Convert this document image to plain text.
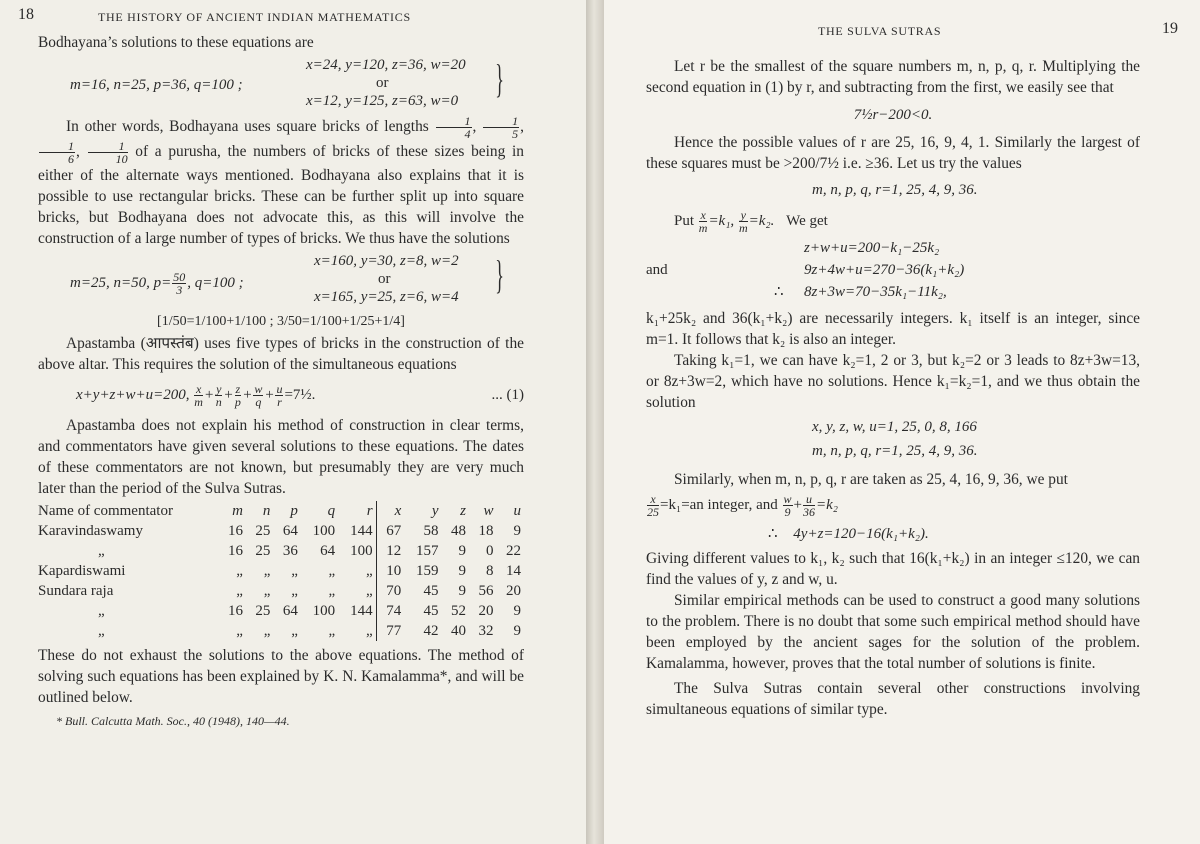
18	THE HISTORY OF ANCIENT INDIAN MATHEMATICS

Bodhayana’s solutions to these equations are

m=16, n=25, p=36, q=100 ;
x=24, y=120, z=36, w=20
or
x=12, y=125, z=63, w=0 }

In other words, Bodhayana uses square bricks of lengths $\frac{1}{4}$ , $\frac{1}{5}$ ,
$\frac{1}{6}$ , $\frac{1}{10}$ of a purusha, the numbers of bricks of these sizes being in either of the alternate ways mentioned. Bodhayana also explains that it is possible to use rectangular bricks. These can be further split up into square bricks, but Bodhayana does not advocate this, as this will involve the construction of a large number of types of bricks. We thus have the solutions

m=25, n=50, $p= \frac{50}{3}$ , q=100 ;
x=160, y=30, z=8, w=2
or
x=165, y=25, z=6, w=4 }
[1/50=1/100+1/100 ; 3/50=1/100+1/25+1/4]

Apastamba (आपस्तंब) uses five types of bricks in the construction of the above altar. This requires the solution of the simultaneous equations

x+y+z+w+u=200, $\frac{x}{m} + \frac{y}{n} + \frac{z}{p} + \frac{w}{q} + \frac{u}{r}$ =7½.	... (1)

Apastamba does not explain his method of construction in clear terms, and commentators have given several solutions to these equations. The dates of these commentators are not known, but presumably they are very much later than the period of the Sulva Sutras.

Name of commentator	m	n	p	q	r	x	y	z	w	u
Karavindaswamy	16	25	64	100	144	67	58	48	18	9
„	16	25	36	64	100	12	157	9	0	22
Kapardiswami	„	„	„	„	„	10	159	9	8	14
Sundara raja	„	„	„	„	„	70	45	9	56	20
„	16	25	64	100	144	74	45	52	20	9
„	„	„	„	„	„	77	42	40	32	9

These do not exhaust the solutions to the above equations. The method of solving such equations has been explained by K. N. Kamalamma*, and will be outlined below.

* Bull. Calcutta Math. Soc., 40 (1948), 140—44.
THE SULVA SUTRAS	19

Let r be the smallest of the square numbers m, n, p, q, r. Multiplying the second equation in (1) by r, and subtracting from the first, we easily see that

7½r−200<0.

Hence the possible values of r are 25, 16, 9, 4, 1. Similarly the largest of these squares must be >200/7½ i.e. ≥36. Let us try the values

m, n, p, q, r=1, 25, 4, 9, 36.
Put $\frac{x}{m} =k_1$, $\frac{y}{m} =k_2$. We get
z+w+u=200−k₁−25k₂
and	9z+4w+u=270−36(k₁+k₂)
∴ 8z+3w=70−35k₁−11k₂,

k₁+25k₂ and 36(k₁+k₂) are necessarily integers. k₁ itself is an integer, since m=1. It follows that k₂ is also an integer.

Taking k₁=1, we can have k₂=1, 2 or 3, but k₂=2 or 3 leads to 8z+3w=13, or 8z+3w=2, which have no solutions. Hence k₁=k₂=1, and we thus obtain the solution

x, y, z, w, u=1, 25, 0, 8, 166
m, n, p, q, r=1, 25, 4, 9, 36.

Similarly, when m, n, p, q, r are taken as 25, 4, 16, 9, 36, we put

$\frac{x}{25} =k_1=an$ integer, and $\frac{w}{9} + \frac{u}{36} =k_2$
∴ 4y+z=120−16(k₁+k₂).

Giving different values to k₁, k₂ such that 16(k₁+k₂) in an integer ≤120, we can find the values of y, z and w, u.

Similar empirical methods can be used to construct a good many solutions to the problem. There is no doubt that some such empirical method should have been employed by the ancient sages for the solution of the problem. Kamalamma, however, proves that the total number of solutions is finite.

The Sulva Sutras contain several other constructions involving simultaneous equations of similar type.
